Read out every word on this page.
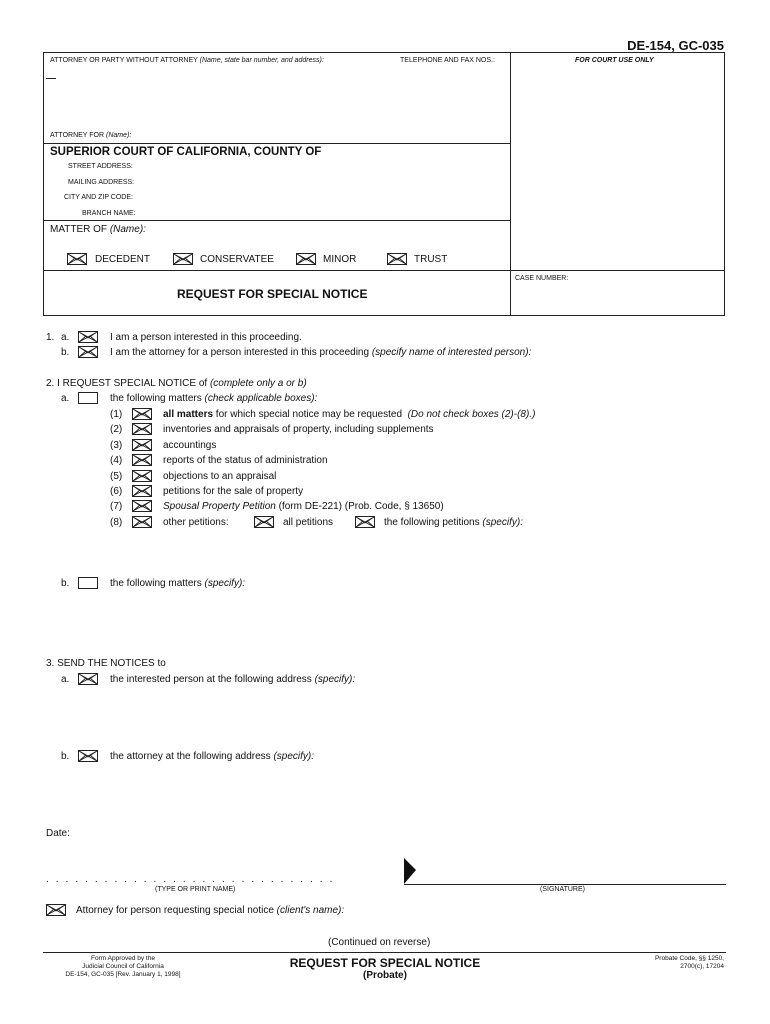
DE-154, GC-035
ATTORNEY OR PARTY WITHOUT ATTORNEY (Name, state bar number, and address):	TELEPHONE AND FAX NOS.:	FOR COURT USE ONLY
ATTORNEY FOR (Name):
SUPERIOR COURT OF CALIFORNIA, COUNTY OF
STREET ADDRESS:
MAILING ADDRESS:
CITY AND ZIP CODE:
BRANCH NAME:
MATTER OF (Name):
DECEDENT	CONSERVATEE	MINOR	TRUST
CASE NUMBER:
REQUEST FOR SPECIAL NOTICE
1. a.	I am a person interested in this proceeding.
b.	I am the attorney for a person interested in this proceeding (specify name of interested person):
2. I REQUEST SPECIAL NOTICE of (complete only a or b)
a.	the following matters (check applicable boxes):
(1)	all matters for which special notice may be requested (Do not check boxes (2)-(8).)
(2)	inventories and appraisals of property, including supplements
(3)	accountings
(4)	reports of the status of administration
(5)	objections to an appraisal
(6)	petitions for the sale of property
(7)	Spousal Property Petition (form DE-221) (Prob. Code, § 13650)
(8)	other petitions:	all petitions	the following petitions (specify):
b.	the following matters (specify):
3. SEND THE NOTICES to
a.	the interested person at the following address (specify):
b.	the attorney at the following address (specify):
Date:
..............................
(TYPE OR PRINT NAME)	(SIGNATURE)
Attorney for person requesting special notice (client's name):
(Continued on reverse)
Form Approved by the
Judicial Council of California
DE-154, GC-035 [Rev. January 1, 1998]
REQUEST FOR SPECIAL NOTICE
(Probate)
Probate Code, §§ 1250,
2700(c), 17204
